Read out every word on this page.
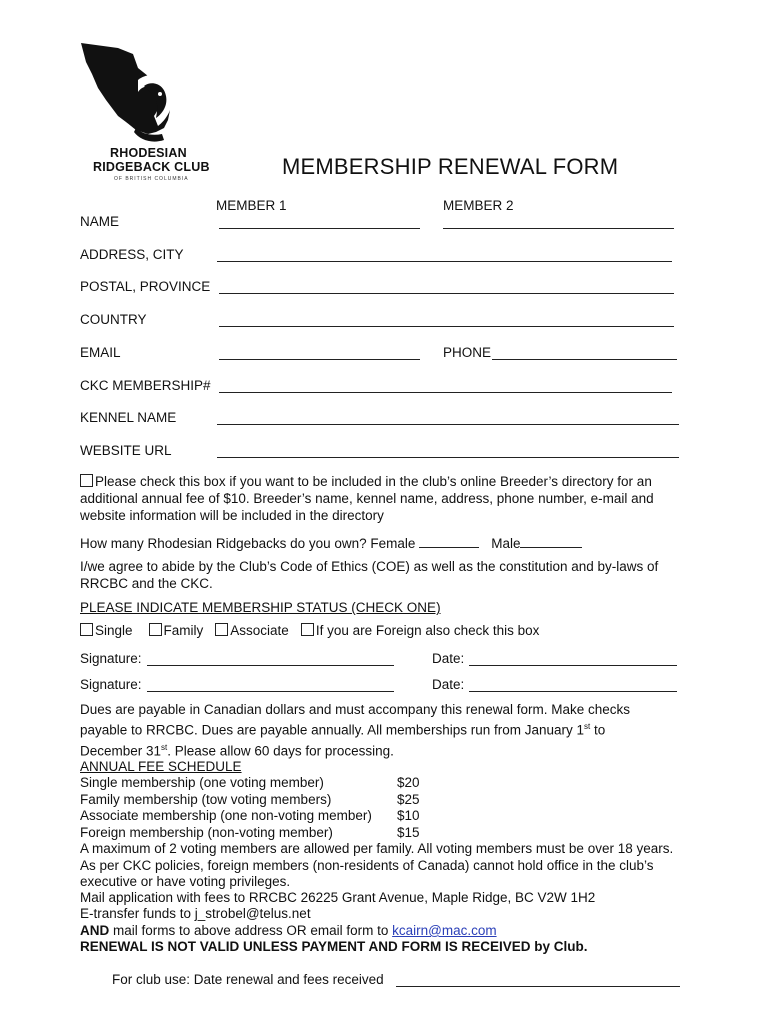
RHODESIAN
RIDGEBACK CLUB
OF BRITISH COLUMBIA	MEMBERSHIP RENEWAL FORM
MEMBER 1	MEMBER 2
NAME
ADDRESS, CITY
POSTAL, PROVINCE
COUNTRY
EMAIL	PHONE
CKC MEMBERSHIP#
KENNEL NAME
WEBSITE URL
Please check this box if you want to be included in the club’s online Breeder’s directory for an additional annual fee of $10. Breeder’s name, kennel name, address, phone number, e-mail and website information will be included in the directory
How many Rhodesian Ridgebacks do you own? Female	Male
I/we agree to abide by the Club’s Code of Ethics (COE) as well as the constitution and by-laws of RRCBC and the CKC.
PLEASE INDICATE MEMBERSHIP STATUS (CHECK ONE)
Single Family Associate If you are Foreign also check this box
Signature:	Date:
Signature:	Date:
Dues are payable in Canadian dollars and must accompany this renewal form. Make checks payable to RRCBC. Dues are payable annually. All memberships run from January 1st to December 31st. Please allow 60 days for processing.
ANNUAL FEE SCHEDULE
Single membership (one voting member)	$20
Family membership (tow voting members)	$25
Associate membership (one non-voting member) $10
Foreign membership (non-voting member)	$15
A maximum of 2 voting members are allowed per family. All voting members must be over 18 years. As per CKC policies, foreign members (non-residents of Canada) cannot hold office in the club’s executive or have voting privileges.
Mail application with fees to RRCBC 26225 Grant Avenue, Maple Ridge, BC V2W 1H2
E-transfer funds to j_strobel@telus.net
AND mail forms to above address OR email form to kcairn@mac.com
RENEWAL IS NOT VALID UNLESS PAYMENT AND FORM IS RECEIVED by Club.
For club use: Date renewal and fees received
